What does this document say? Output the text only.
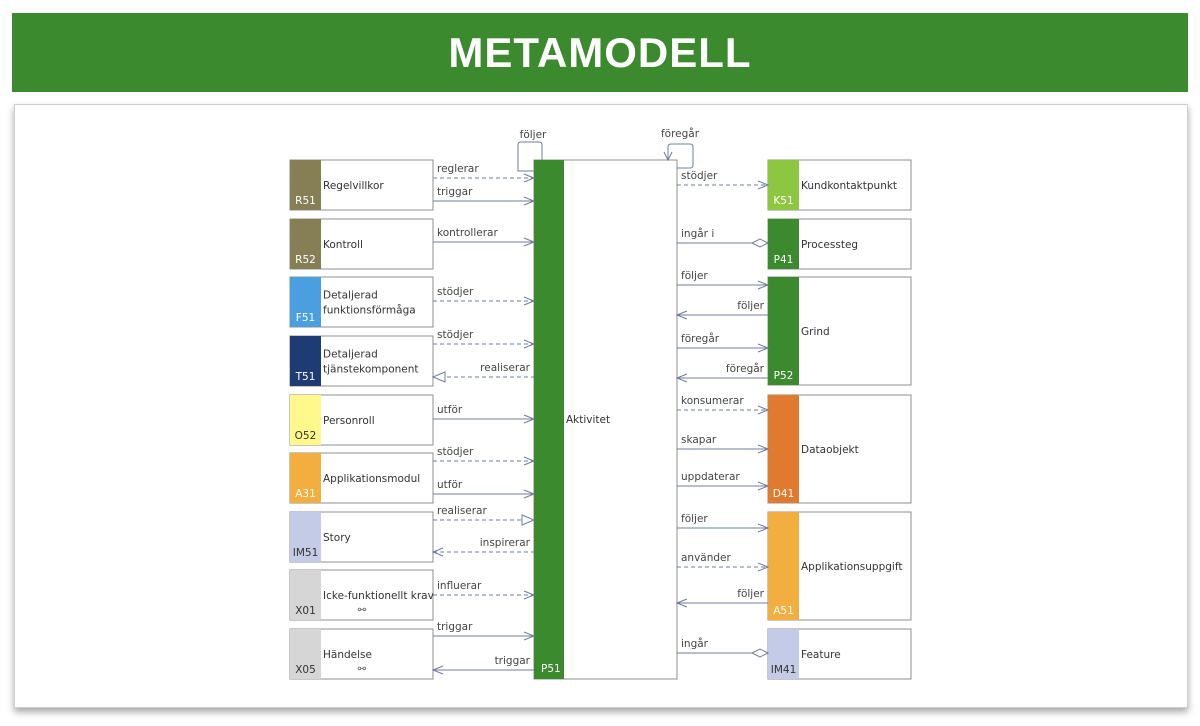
METAMODELL
Aktivitet
P51
följer	föregår
Regelvillkor
R51
Kontroll
R52
Detaljerad
funktionsförmåga
F51
Detaljerad
tjänstekomponent
T51
Personroll
O52
Applikationsmodul
A31
Story
IM51
Icke-funktionellt krav
X01	⚯
Händelse
X05	⚯
Kundkontaktpunkt
K51
Processteg
P41
Grind
P52
Dataobjekt
D41
Applikationsuppgift
A51
Feature
IM41
reglerar
triggar
kontrollerar
stödjer
stödjer
realiserar
utför
stödjer
utför
realiserar
inspirerar
influerar
triggar
triggar
stödjer
ingår i
följer
följer
föregår
föregår
konsumerar
skapar
uppdaterar
följer
använder
följer
ingår
